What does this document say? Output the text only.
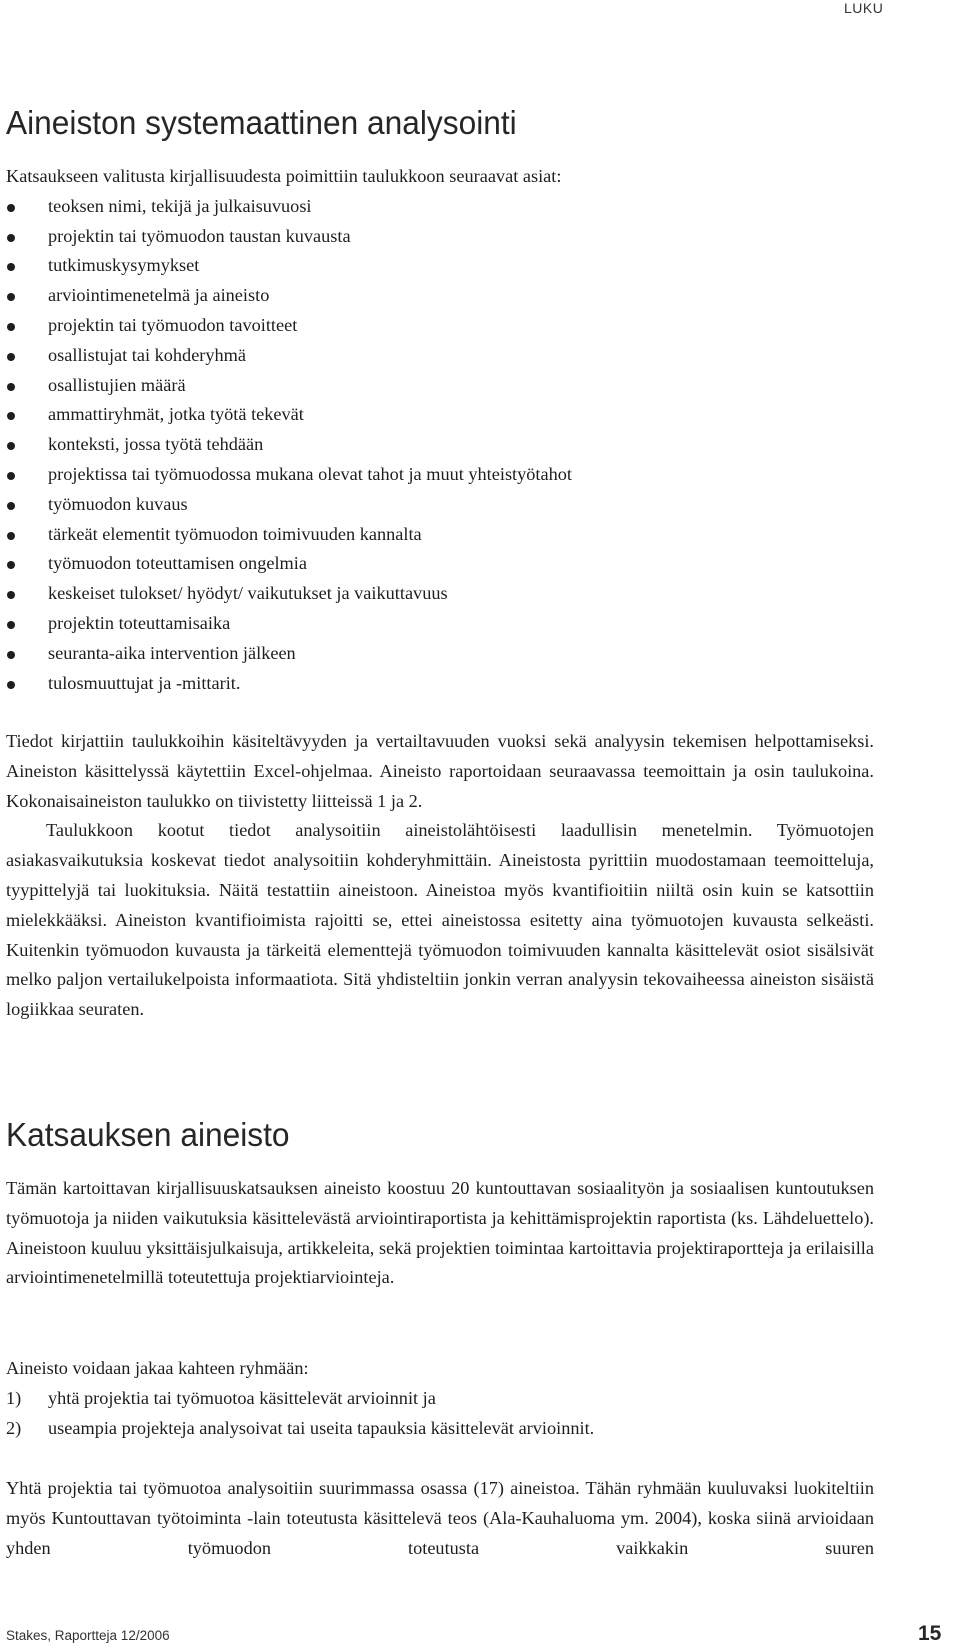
LUKU
Aineiston systemaattinen analysointi

Katsaukseen valitusta kirjallisuudesta poimittiin taulukkoon seuraavat asiat:

teoksen nimi, tekijä ja julkaisuvuosi
projektin tai työmuodon taustan kuvausta
tutkimuskysymykset
arviointimenetelmä ja aineisto
projektin tai työmuodon tavoitteet
osallistujat tai kohderyhmä
osallistujien määrä
ammattiryhmät, jotka työtä tekevät
konteksti, jossa työtä tehdään
projektissa tai työmuodossa mukana olevat tahot ja muut yhteistyötahot
työmuodon kuvaus
tärkeät elementit työmuodon toimivuuden kannalta
työmuodon toteuttamisen ongelmia
keskeiset tulokset/ hyödyt/ vaikutukset ja vaikuttavuus
projektin toteuttamisaika
seuranta-aika intervention jälkeen
tulosmuuttujat ja -mittarit.

Tiedot kirjattiin taulukkoihin käsiteltävyyden ja vertailtavuuden vuoksi sekä analyysin tekemisen helpottamiseksi. Aineiston käsittelyssä käytettiin Excel-ohjelmaa. Aineisto raportoidaan seuraavassa teemoittain ja osin taulukoina. Kokonaisaineiston taulukko on tiivistetty liitteissä 1 ja 2.

Taulukkoon kootut tiedot analysoitiin aineistolähtöisesti laadullisin menetelmin. Työmuotojen asiakasvaikutuksia koskevat tiedot analysoitiin kohderyhmittäin. Aineistosta pyrittiin muodostamaan teemoitteluja, tyypittelyjä tai luokituksia. Näitä testattiin aineistoon. Aineistoa myös kvantifioitiin niiltä osin kuin se katsottiin mielekkääksi. Aineiston kvantifioimista rajoitti se, ettei aineistossa esitetty aina työmuotojen kuvausta selkeästi. Kuitenkin työmuodon kuvausta ja tärkeitä elementtejä työmuodon toimivuuden kannalta käsittelevät osiot sisälsivät melko paljon vertailukelpoista informaatiota. Sitä yhdisteltiin jonkin verran analyysin tekovaiheessa aineiston sisäistä logiikkaa seuraten.

Katsauksen aineisto

Tämän kartoittavan kirjallisuuskatsauksen aineisto koostuu 20 kuntouttavan sosiaalityön ja sosiaalisen kuntoutuksen työmuotoja ja niiden vaikutuksia käsittelevästä arviointiraportista ja kehittämisprojektin raportista (ks. Lähdeluettelo). Aineistoon kuuluu yksittäisjulkaisuja, artikkeleita, sekä projektien toimintaa kartoittavia projektiraportteja ja erilaisilla arviointimenetelmillä toteutettuja projektiarviointeja.

Aineisto voidaan jakaa kahteen ryhmään:

1) yhtä projektia tai työmuotoa käsittelevät arvioinnit ja
2) useampia projekteja analysoivat tai useita tapauksia käsittelevät arvioinnit.

Yhtä projektia tai työmuotoa analysoitiin suurimmassa osassa (17) aineistoa. Tähän ryhmään kuuluvaksi luokiteltiin myös Kuntouttavan työtoiminta -lain toteutusta käsittelevä teos (Ala-Kauhaluoma ym. 2004), koska siinä arvioidaan yhden työmuodon toteutusta vaikkakin suuren

Stakes, Raportteja 12/2006	15
